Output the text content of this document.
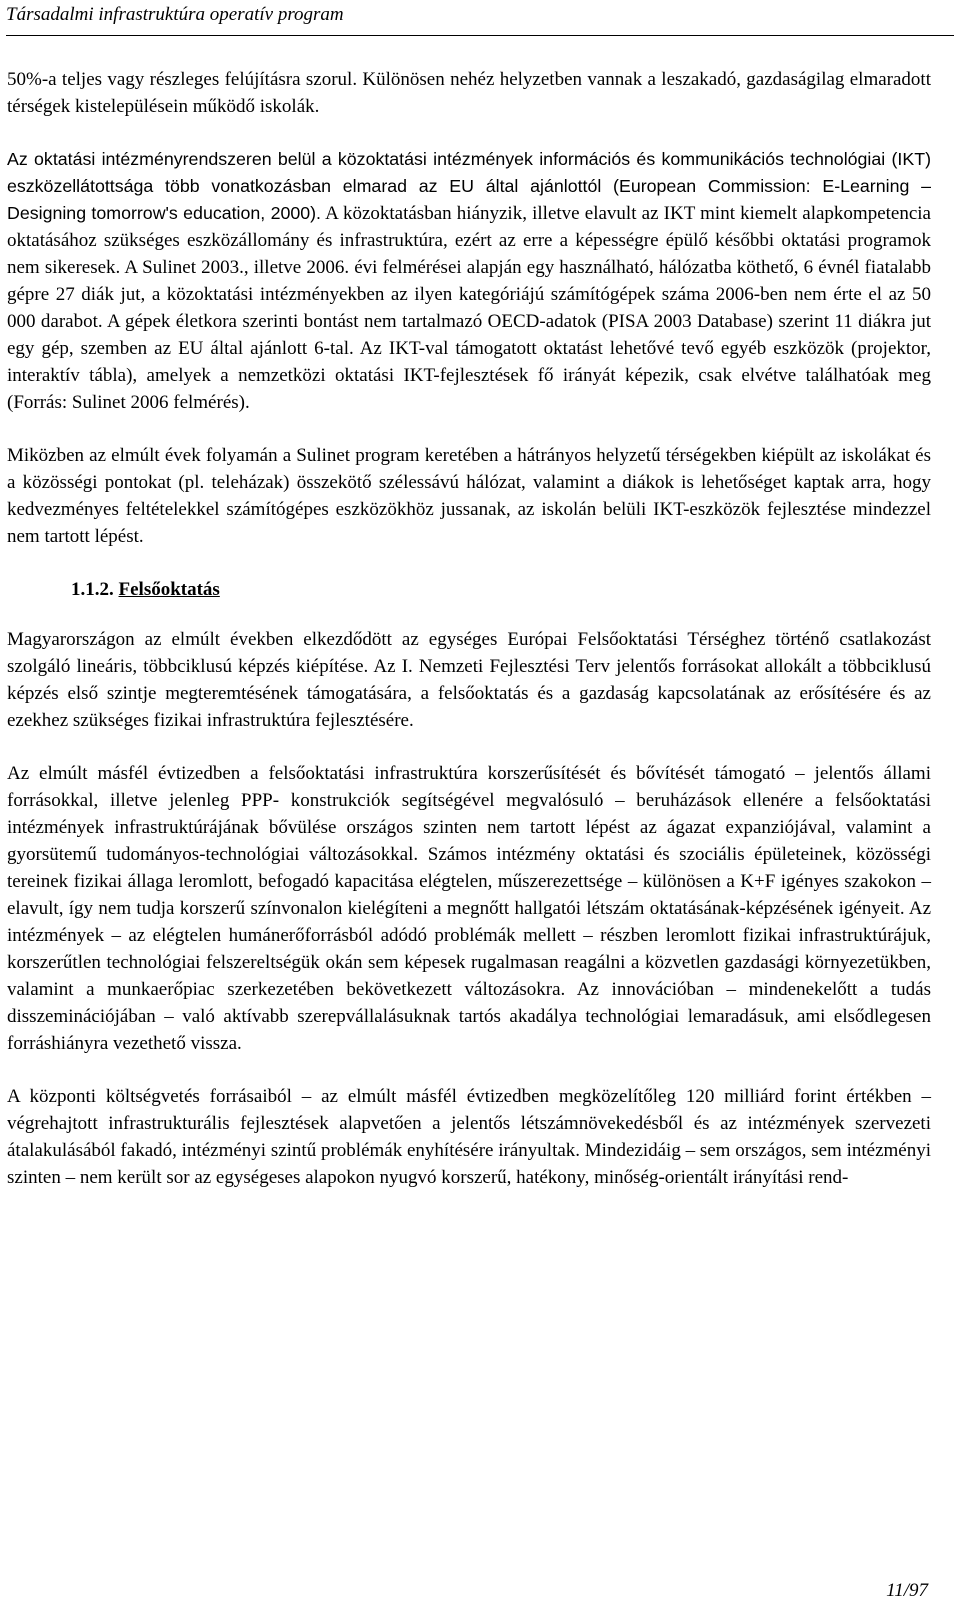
Társadalmi infrastruktúra operatív program

50%-a teljes vagy részleges felújításra szorul. Különösen nehéz helyzetben vannak a leszakadó, gazdaságilag elmaradott térségek kistelepülésein működő iskolák.

Az oktatási intézményrendszeren belül a közoktatási intézmények információs és kommunikációs technológiai (IKT) eszközellátottsága több vonatkozásban elmarad az EU által ajánlottól (European Commission: E-Learning – Designing tomorrow's education, 2000). A közoktatásban hiányzik, illetve elavult az IKT mint kiemelt alapkompetencia oktatásához szükséges eszközállomány és infrastruktúra, ezért az erre a képességre épülő későbbi oktatási programok nem sikeresek. A Sulinet 2003., illetve 2006. évi felmérései alapján egy használható, hálózatba köthető, 6 évnél fiatalabb gépre 27 diák jut, a közoktatási intézményekben az ilyen kategóriájú számítógépek száma 2006-ben nem érte el az 50 000 darabot. A gépek életkora szerinti bontást nem tartalmazó OECD-adatok (PISA 2003 Database) szerint 11 diákra jut egy gép, szemben az EU által ajánlott 6-tal. Az IKT-val támogatott oktatást lehetővé tevő egyéb eszközök (projektor, interaktív tábla), amelyek a nemzetközi oktatási IKT-fejlesztések fő irányát képezik, csak elvétve találhatóak meg (Forrás: Sulinet 2006 felmérés).

Miközben az elmúlt évek folyamán a Sulinet program keretében a hátrányos helyzetű térségekben kiépült az iskolákat és a közösségi pontokat (pl. teleházak) összekötő szélessávú hálózat, valamint a diákok is lehetőséget kaptak arra, hogy kedvezményes feltételekkel számítógépes eszközökhöz jussanak, az iskolán belüli IKT-eszközök fejlesztése mindezzel nem tartott lépést.

1.1.2. Felsőoktatás

Magyarországon az elmúlt években elkezdődött az egységes Európai Felsőoktatási Térséghez történő csatlakozást szolgáló lineáris, többciklusú képzés kiépítése. Az I. Nemzeti Fejlesztési Terv jelentős forrásokat allokált a többciklusú képzés első szintje megteremtésének támogatására, a felsőoktatás és a gazdaság kapcsolatának az erősítésére és az ezekhez szükséges fizikai infrastruktúra fejlesztésére.

Az elmúlt másfél évtizedben a felsőoktatási infrastruktúra korszerűsítését és bővítését támogató – jelentős állami forrásokkal, illetve jelenleg PPP- konstrukciók segítségével megvalósuló – beruházások ellenére a felsőoktatási intézmények infrastruktúrájának bővülése országos szinten nem tartott lépést az ágazat expanziójával, valamint a gyorsütemű tudományos-technológiai változásokkal. Számos intézmény oktatási és szociális épületeinek, közösségi tereinek fizikai állaga leromlott, befogadó kapacitása elégtelen, műszerezettsége – különösen a K+F igényes szakokon – elavult, így nem tudja korszerű színvonalon kielégíteni a megnőtt hallgatói létszám oktatásának-képzésének igényeit. Az intézmények – az elégtelen humánerőforrásból adódó problémák mellett – részben leromlott fizikai infrastruktúrájuk, korszerűtlen technológiai felszereltségük okán sem képesek rugalmasan reagálni a közvetlen gazdasági környezetükben, valamint a munkaerőpiac szerkezetében bekövetkezett változásokra. Az innovációban – mindenekelőtt a tudás disszeminációjában – való aktívabb szerepvállalásuknak tartós akadálya technológiai lemaradásuk, ami elsődlegesen forráshiányra vezethető vissza.

A központi költségvetés forrásaiból – az elmúlt másfél évtizedben megközelítőleg 120 milliárd forint értékben – végrehajtott infrastrukturális fejlesztések alapvetően a jelentős létszámnövekedésből és az intézmények szervezeti átalakulásából fakadó, intézményi szintű problémák enyhítésére irányultak. Mindezidáig – sem országos, sem intézményi szinten – nem került sor az egységeses alapokon nyugvó korszerű, hatékony, minőség-orientált irányítási rend-

11/97
